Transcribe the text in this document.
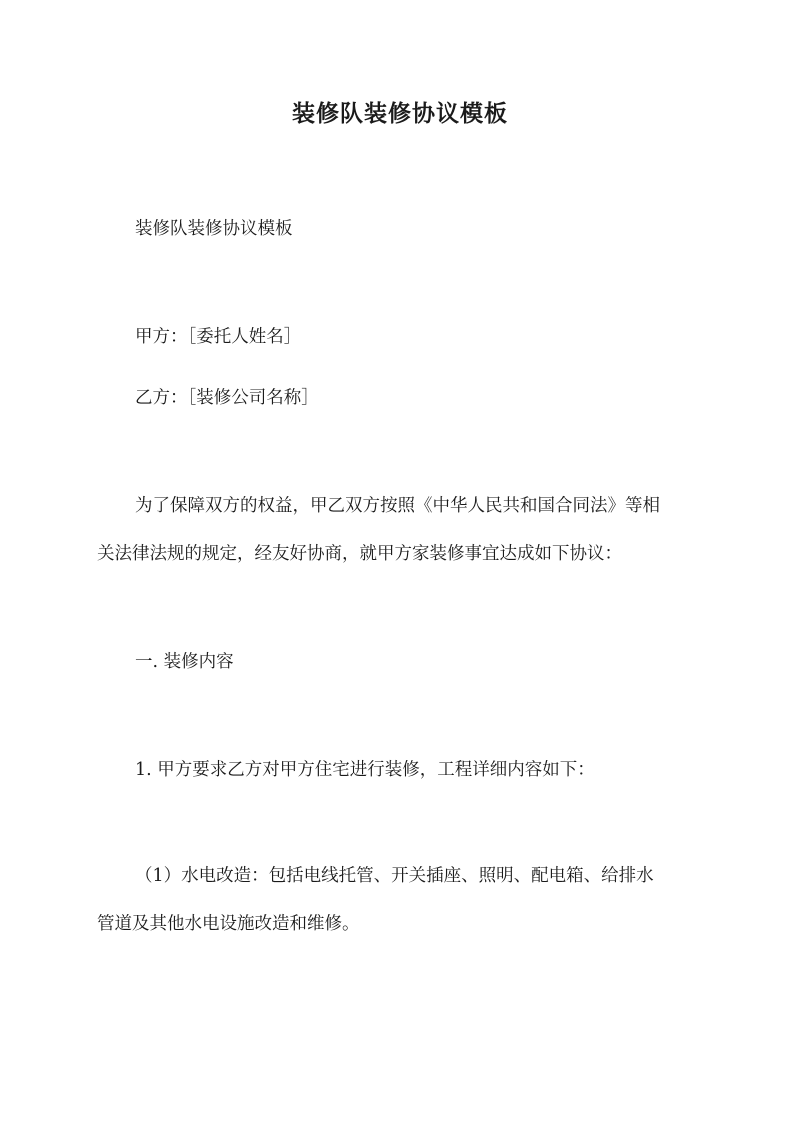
装修队装修协议模板

装修队装修协议模板

甲方：［委托人姓名］

乙方：［装修公司名称］

为了保障双方的权益，甲乙双方按照《中华人民共和国合同法》等相
关法律法规的规定，经友好协商，就甲方家装修事宜达成如下协议：

一. 装修内容

1. 甲方要求乙方对甲方住宅进行装修，工程详细内容如下：

（1）水电改造：包括电线托管、开关插座、照明、配电箱、给排水
管道及其他水电设施改造和维修。
